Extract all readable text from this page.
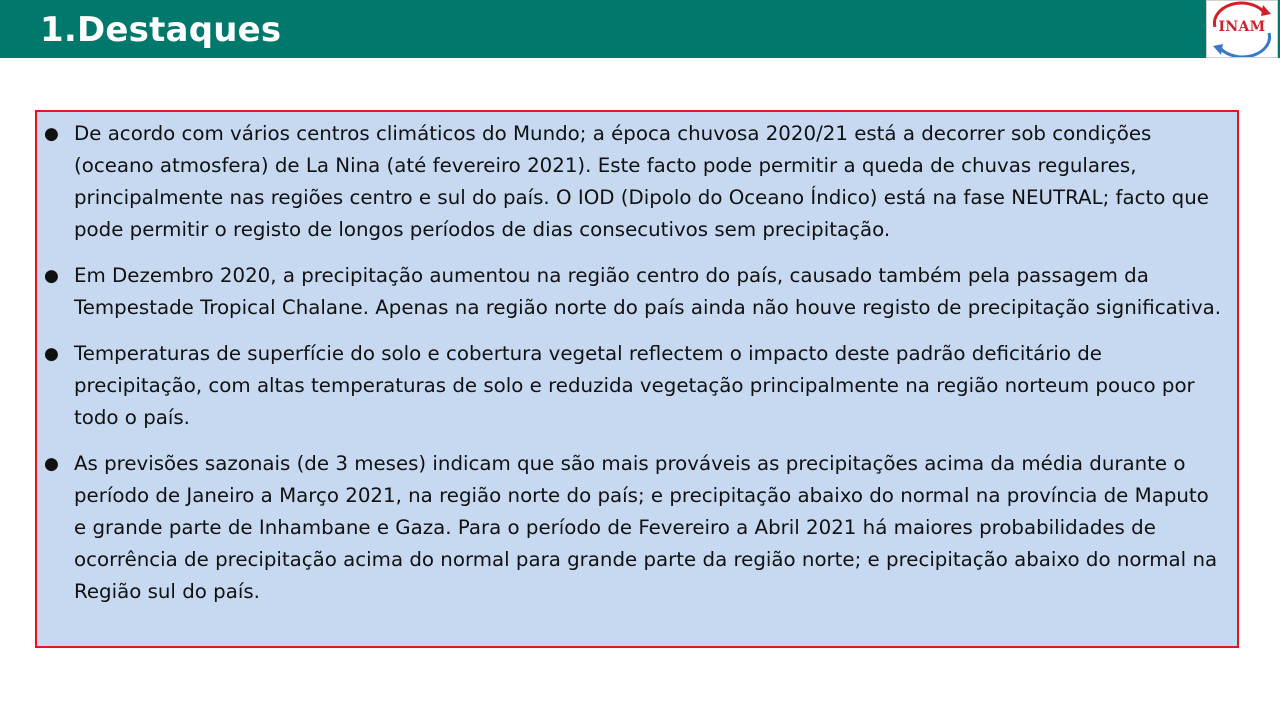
1.Destaques	INAM
● De acordo com vários centros climáticos do Mundo; a época chuvosa 2020/21 está a decorrer sob condições (oceano atmosfera) de La Nina (até fevereiro 2021). Este facto pode permitir a queda de chuvas regulares, principalmente nas regiões centro e sul do país. O IOD (Dipolo do Oceano Índico) está na fase NEUTRAL; facto que pode permitir o registo de longos períodos de dias consecutivos sem precipitação.
● Em Dezembro 2020, a precipitação aumentou na região centro do país, causado também pela passagem da Tempestade Tropical Chalane. Apenas na região norte do país ainda não houve registo de precipitação significativa.
● Temperaturas de superfície do solo e cobertura vegetal reflectem o impacto deste padrão deficitário de precipitação, com altas temperaturas de solo e reduzida vegetação principalmente na região norteum pouco por todo o país.
● As previsões sazonais (de 3 meses) indicam que são mais prováveis as precipitações acima da média durante o período de Janeiro a Março 2021, na região norte do país; e precipitação abaixo do normal na província de Maputo e grande parte de Inhambane e Gaza. Para o período de Fevereiro a Abril 2021 há maiores probabilidades de ocorrência de precipitação acima do normal para grande parte da região norte; e precipitação abaixo do normal na Região sul do país.
